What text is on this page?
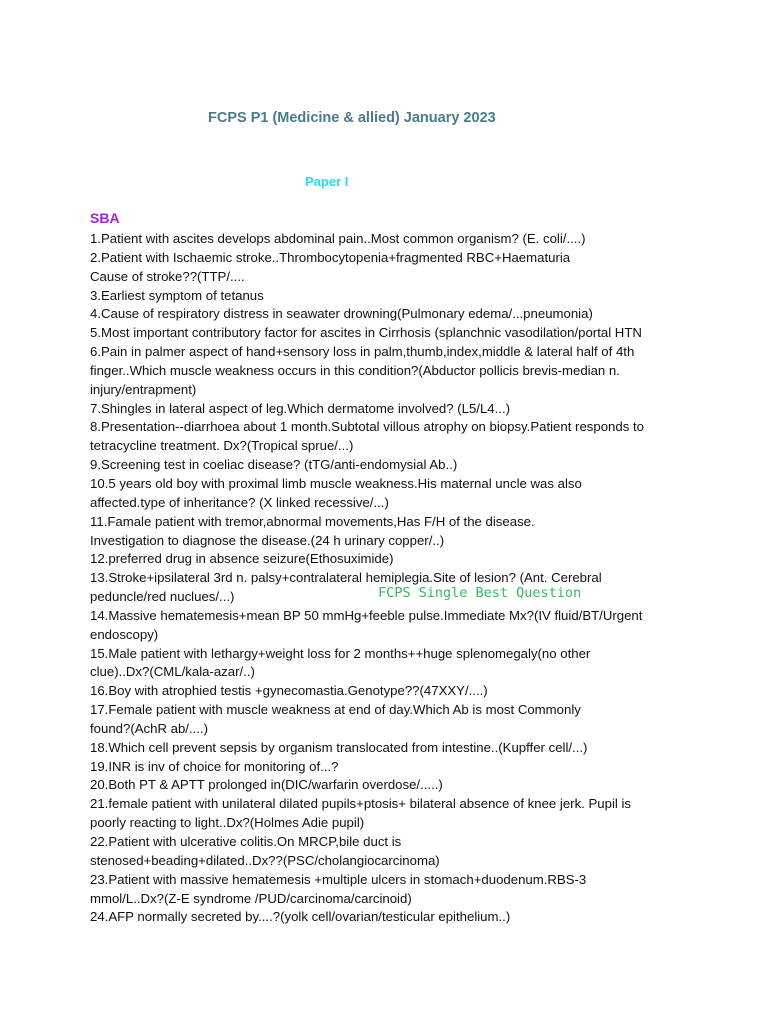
FCPS P1 (Medicine & allied) January 2023
Paper I
SBA
1.Patient with ascites develops abdominal pain..Most common organism? (E. coli/....)
2.Patient with Ischaemic stroke..Thrombocytopenia+fragmented RBC+Haematuria
Cause of stroke??(TTP/....
3.Earliest symptom of tetanus
4.Cause of respiratory distress in seawater drowning(Pulmonary edema/...pneumonia)
5.Most important contributory factor for ascites in Cirrhosis (splanchnic vasodilation/portal HTN
6.Pain in palmer aspect of hand+sensory loss in palm,thumb,index,middle & lateral half of 4th
finger..Which muscle weakness occurs in this condition?(Abductor pollicis brevis-median n.
injury/entrapment)
7.Shingles in lateral aspect of leg.Which dermatome involved? (L5/L4...)
8.Presentation--diarrhoea about 1 month.Subtotal villous atrophy on biopsy.Patient responds to
tetracycline treatment. Dx?(Tropical sprue/...)
9.Screening test in coeliac disease? (tTG/anti-endomysial Ab..)
10.5 years old boy with proximal limb muscle weakness.His maternal uncle was also
affected.type of inheritance? (X linked recessive/...)
11.Famale patient with tremor,abnormal movements,Has F/H of the disease.
Investigation to diagnose the disease.(24 h urinary copper/..)
12.preferred drug in absence seizure(Ethosuximide)
13.Stroke+ipsilateral 3rd n. palsy+contralateral hemiplegia.Site of lesion? (Ant. Cerebral
peduncle/red nuclues/...)
14.Massive hematemesis+mean BP 50 mmHg+feeble pulse.Immediate Mx?(IV fluid/BT/Urgent
endoscopy)
15.Male patient with lethargy+weight loss for 2 months++huge splenomegaly(no other
clue)..Dx?(CML/kala-azar/..)
16.Boy with atrophied testis +gynecomastia.Genotype??(47XXY/....)
17.Female patient with muscle weakness at end of day.Which Ab is most Commonly
found?(AchR ab/....)
18.Which cell prevent sepsis by organism translocated from intestine..(Kupffer cell/...)
19.INR is inv of choice for monitoring of...?
20.Both PT & APTT prolonged in(DIC/warfarin overdose/.....)
21.female patient with unilateral dilated pupils+ptosis+ bilateral absence of knee jerk. Pupil is
poorly reacting to light..Dx?(Holmes Adie pupil)
22.Patient with ulcerative colitis.On MRCP,bile duct is
stenosed+beading+dilated..Dx??(PSC/cholangiocarcinoma)
23.Patient with massive hematemesis +multiple ulcers in stomach+duodenum.RBS-3
mmol/L..Dx?(Z-E syndrome /PUD/carcinoma/carcinoid)
24.AFP normally secreted by....?(yolk cell/ovarian/testicular epithelium..)
FCPS Single Best Question
